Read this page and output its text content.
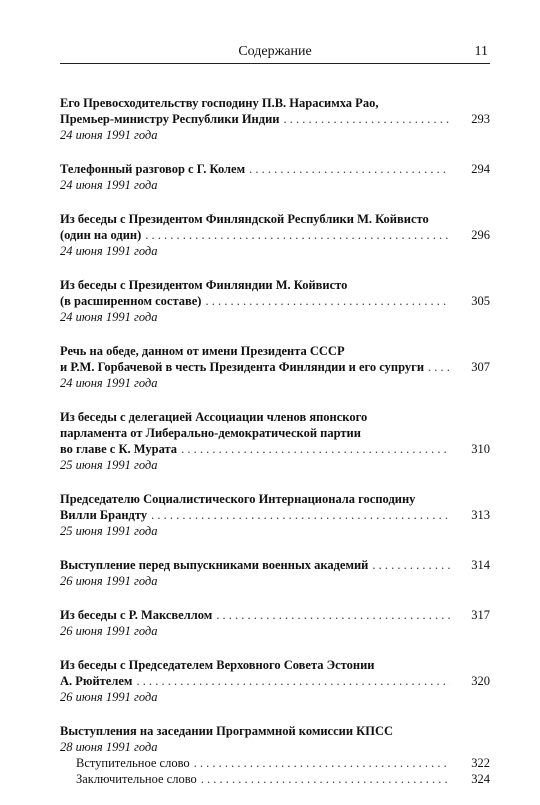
Содержание	11
Его Превосходительству господину П.В. Нарасимха Рао,
Премьер-министру Республики Индии . . .	293
24 июня 1991 года
Телефонный разговор с Г. Колем . . .	294
24 июня 1991 года
Из беседы с Президентом Финляндской Республики М. Койвисто
(один на один) . . .	296
24 июня 1991 года
Из беседы с Президентом Финляндии М. Койвисто
(в расширенном составе) . . .	305
24 июня 1991 года
Речь на обеде, данном от имени Президента СССР
и Р.М. Горбачевой в честь Президента Финляндии и его супруги . . .	307
24 июня 1991 года
Из беседы с делегацией Ассоциации членов японского
парламента от Либерально-демократической партии
во главе с К. Мурата . . .	310
25 июня 1991 года
Председателю Социалистического Интернационала господину
Вилли Брандту . . .	313
25 июня 1991 года
Выступление перед выпускниками военных академий . . .	314
26 июня 1991 года
Из беседы с Р. Максвеллом . . .	317
26 июня 1991 года
Из беседы с Председателем Верховного Совета Эстонии
А. Рюйтелем . . .	320
26 июня 1991 года
Выступления на заседании Программной комиссии КПСС
28 июня 1991 года
Вступительное слово . . .	322
Заключительное слово . . .	324
